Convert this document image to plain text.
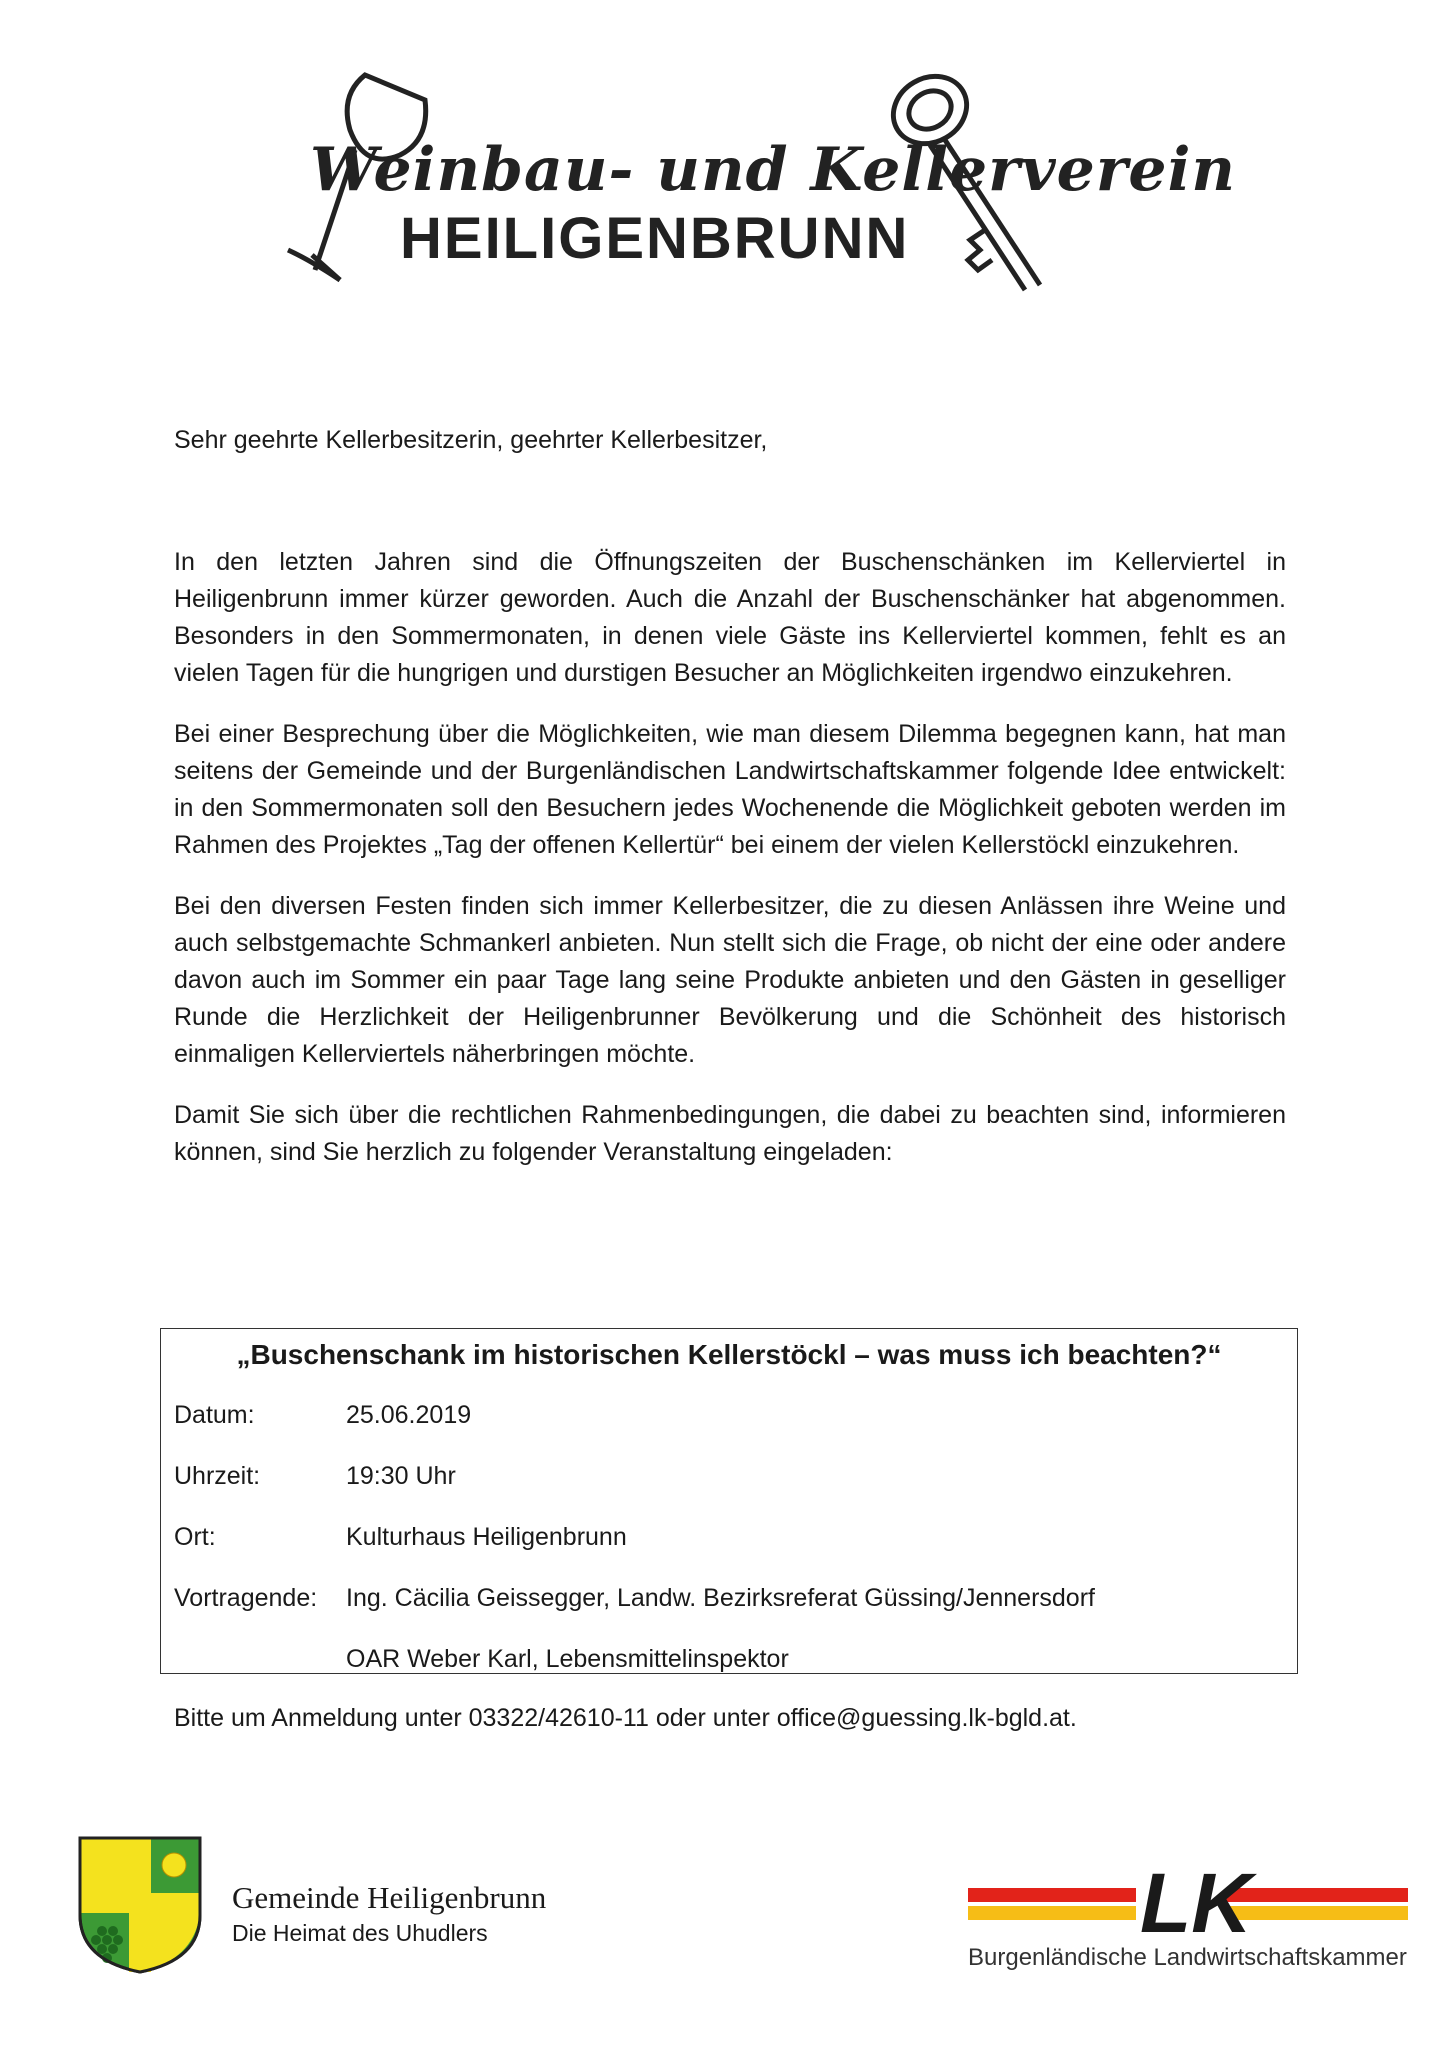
Weinbau- und Kellerverein
HEILIGENBRUNN
Sehr geehrte Kellerbesitzerin, geehrter Kellerbesitzer,

In den letzten Jahren sind die Öffnungszeiten der Buschenschänken im Kellerviertel in Heiligenbrunn immer kürzer geworden. Auch die Anzahl der Buschenschänker hat abgenommen. Besonders in den Sommermonaten, in denen viele Gäste ins Kellerviertel kommen, fehlt es an vielen Tagen für die hungrigen und durstigen Besucher an Möglichkeiten irgendwo einzukehren.

Bei einer Besprechung über die Möglichkeiten, wie man diesem Dilemma begegnen kann, hat man seitens der Gemeinde und der Burgenländischen Landwirtschaftskammer folgende Idee entwickelt: in den Sommermonaten soll den Besuchern jedes Wochenende die Möglichkeit geboten werden im Rahmen des Projektes „Tag der offenen Kellertür“ bei einem der vielen Kellerstöckl einzukehren.

Bei den diversen Festen finden sich immer Kellerbesitzer, die zu diesen Anlässen ihre Weine und auch selbstgemachte Schmankerl anbieten. Nun stellt sich die Frage, ob nicht der eine oder andere davon auch im Sommer ein paar Tage lang seine Produkte anbieten und den Gästen in geselliger Runde die Herzlichkeit der Heiligenbrunner Bevölkerung und die Schönheit des historisch einmaligen Kellerviertels näherbringen möchte.

Damit Sie sich über die rechtlichen Rahmenbedingungen, die dabei zu beachten sind, informieren können, sind Sie herzlich zu folgender Veranstaltung eingeladen:

„Buschenschank im historischen Kellerstöckl – was muss ich beachten?“
Datum:	25.06.2019
Uhrzeit:	19:30 Uhr
Ort:	Kulturhaus Heiligenbrunn
Vortragende: Ing. Cäcilia Geissegger, Landw. Bezirksreferat Güssing/Jennersdorf
OAR Weber Karl, Lebensmittelinspektor
Bitte um Anmeldung unter 03322/42610-11 oder unter office@guessing.lk-bgld.at.
Gemeinde Heiligenbrunn
Die Heimat des Uhudlers	LK
Burgenländische Landwirtschaftskammer
